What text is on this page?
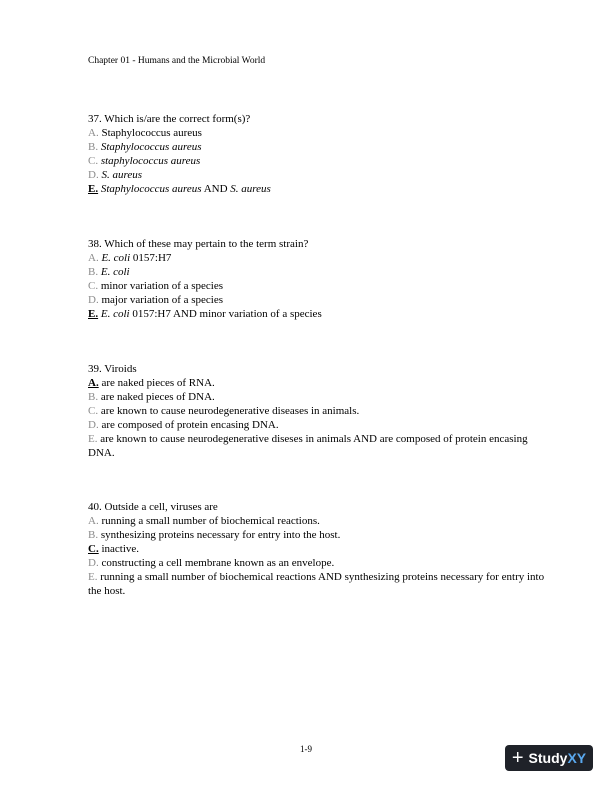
Chapter 01 - Humans and the Microbial World

37. Which is/are the correct form(s)?

A. Staphylococcus aureus

B. Staphylococcus aureus

C. staphylococcus aureus

D. S. aureus

E. Staphylococcus aureus AND S. aureus

38. Which of these may pertain to the term strain?

A. E. coli 0157:H7

B. E. coli

C. minor variation of a species

D. major variation of a species

E. E. coli 0157:H7 AND minor variation of a species

39. Viroids

A. are naked pieces of RNA.

B. are naked pieces of DNA.

C. are known to cause neurodegenerative diseases in animals.

D. are composed of protein encasing DNA.

E. are known to cause neurodegenerative diseses in animals AND are composed of protein encasing DNA.

40. Outside a cell, viruses are

A. running a small number of biochemical reactions.

B. synthesizing proteins necessary for entry into the host.

C. inactive.

D. constructing a cell membrane known as an envelope.

E. running a small number of biochemical reactions AND synthesizing proteins necessary for entry into the host.

1-9	+ Study XY
